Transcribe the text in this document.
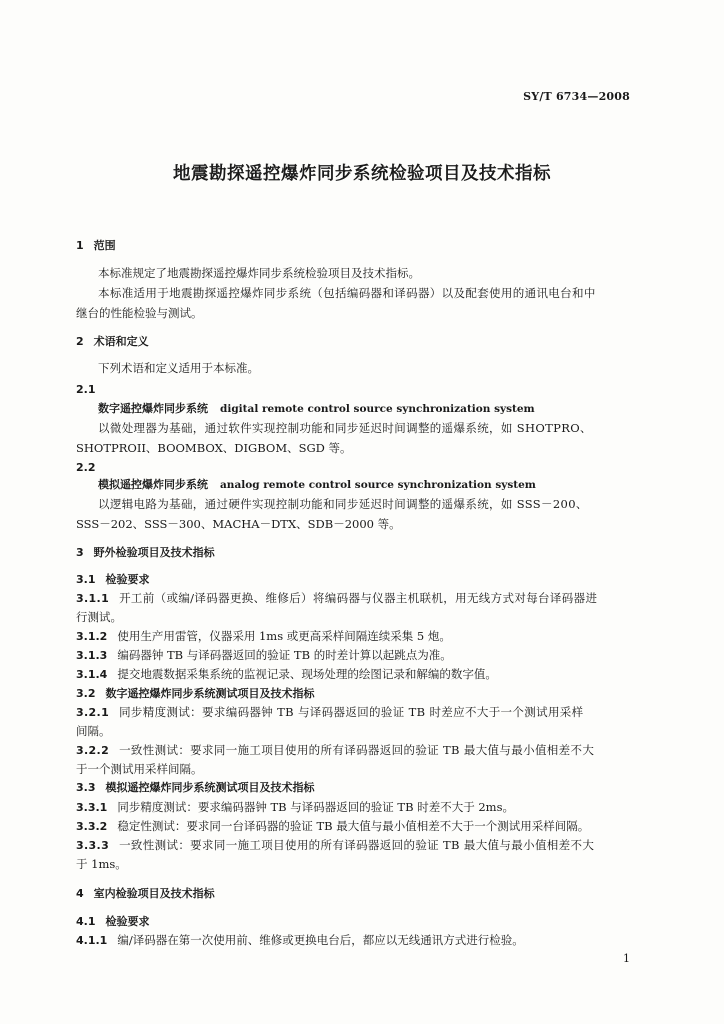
SY/T 6734—2008
地震勘探遥控爆炸同步系统检验项目及技术指标
1 范围
本标准规定了地震勘探遥控爆炸同步系统检验项目及技术指标。
本标准适用于地震勘探遥控爆炸同步系统（包括编码器和译码器）以及配套使用的通讯电台和中
继台的性能检验与测试。
2 术语和定义
下列术语和定义适用于本标准。
2.1
数字遥控爆炸同步系统 digital remote control source synchronization system
以微处理器为基础，通过软件实现控制功能和同步延迟时间调整的遥爆系统，如 SHOTPRO、
SHOTPROII、BOOMBOX、DIGBOM、SGD 等。
2.2
模拟遥控爆炸同步系统 analog remote control source synchronization system
以逻辑电路为基础，通过硬件实现控制功能和同步延迟时间调整的遥爆系统，如 SSS－200、
SSS－202、SSS－300、MACHA－DTX、SDB－2000 等。
3 野外检验项目及技术指标
3.1 检验要求
3.1.1 开工前（或编/译码器更换、维修后）将编码器与仪器主机联机，用无线方式对每台译码器进
行测试。
3.1.2 使用生产用雷管，仪器采用 1ms 或更高采样间隔连续采集 5 炮。
3.1.3 编码器钟 TB 与译码器返回的验证 TB 的时差计算以起跳点为准。
3.1.4 提交地震数据采集系统的监视记录、现场处理的绘图记录和解编的数字值。
3.2 数字遥控爆炸同步系统测试项目及技术指标
3.2.1 同步精度测试：要求编码器钟 TB 与译码器返回的验证 TB 时差应不大于一个测试用采样
间隔。
3.2.2 一致性测试：要求同一施工项目使用的所有译码器返回的验证 TB 最大值与最小值相差不大
于一个测试用采样间隔。
3.3 模拟遥控爆炸同步系统测试项目及技术指标
3.3.1 同步精度测试：要求编码器钟 TB 与译码器返回的验证 TB 时差不大于 2ms。
3.3.2 稳定性测试：要求同一台译码器的验证 TB 最大值与最小值相差不大于一个测试用采样间隔。
3.3.3 一致性测试：要求同一施工项目使用的所有译码器返回的验证 TB 最大值与最小值相差不大
于 1ms。
4 室内检验项目及技术指标
4.1 检验要求
4.1.1 编/译码器在第一次使用前、维修或更换电台后，都应以无线通讯方式进行检验。
1
